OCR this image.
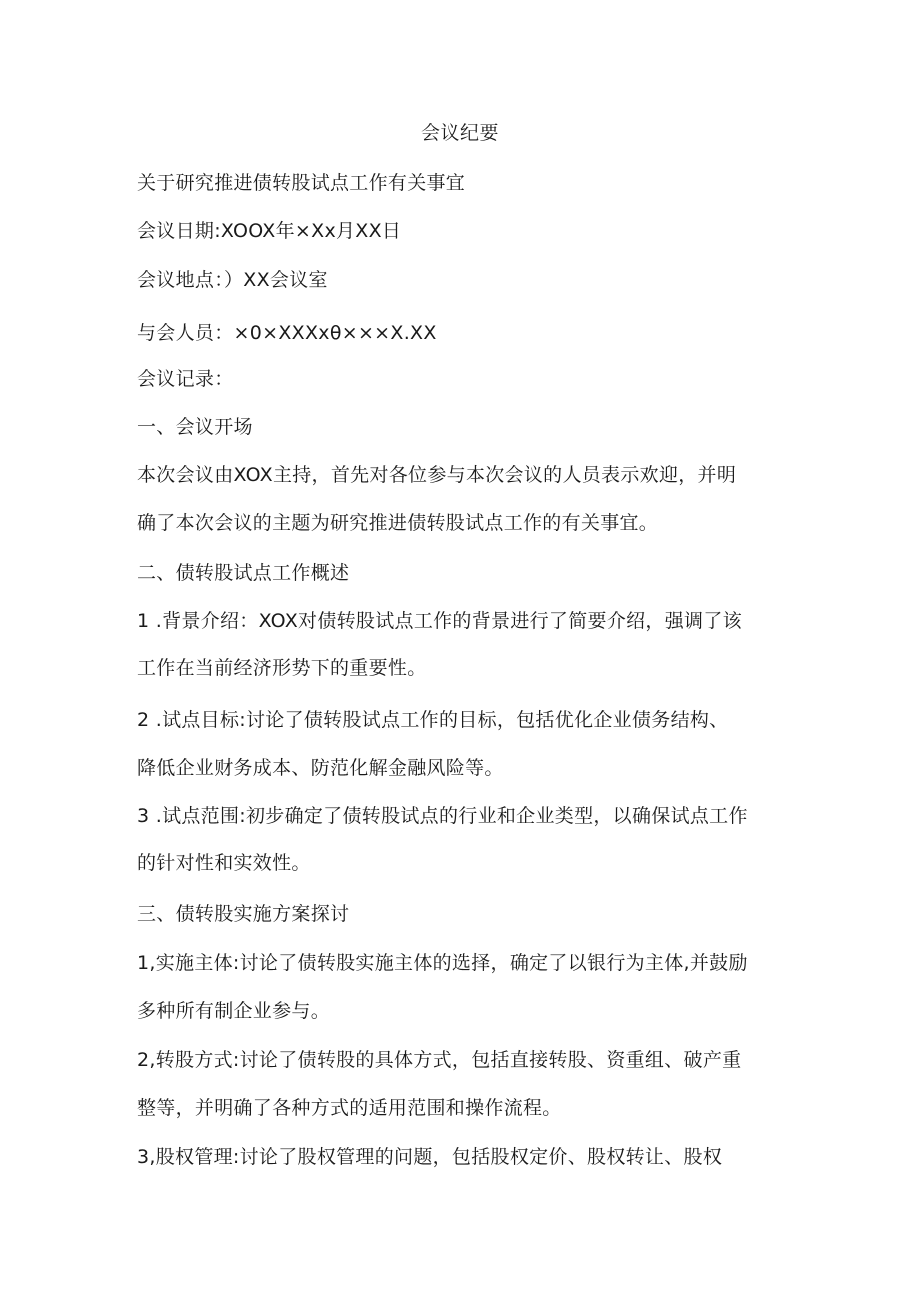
会议纪要
关于研究推进债转股试点工作有关事宜
会议日期:XOOX年×Xx月XX日
会议地点：）XX会议室
与会人员：×0×XXXxθ×××X.XX
会议记录：
一、会议开场
本次会议由XOX主持，首先对各位参与本次会议的人员表示欢迎，并明
确了本次会议的主题为研究推进债转股试点工作的有关事宜。
二、债转股试点工作概述
1 .背景介绍：XOX对债转股试点工作的背景进行了简要介绍，强调了该
工作在当前经济形势下的重要性。
2 .试点目标:讨论了债转股试点工作的目标，包括优化企业债务结构、
降低企业财务成本、防范化解金融风险等。
3 .试点范围:初步确定了债转股试点的行业和企业类型，以确保试点工作
的针对性和实效性。
三、债转股实施方案探讨
1,实施主体:讨论了债转股实施主体的选择，确定了以银行为主体,并鼓励
多种所有制企业参与。
2,转股方式:讨论了债转股的具体方式，包括直接转股、资重组、破产重
整等，并明确了各种方式的适用范围和操作流程。
3,股权管理:讨论了股权管理的问题，包括股权定价、股权转让、股权
